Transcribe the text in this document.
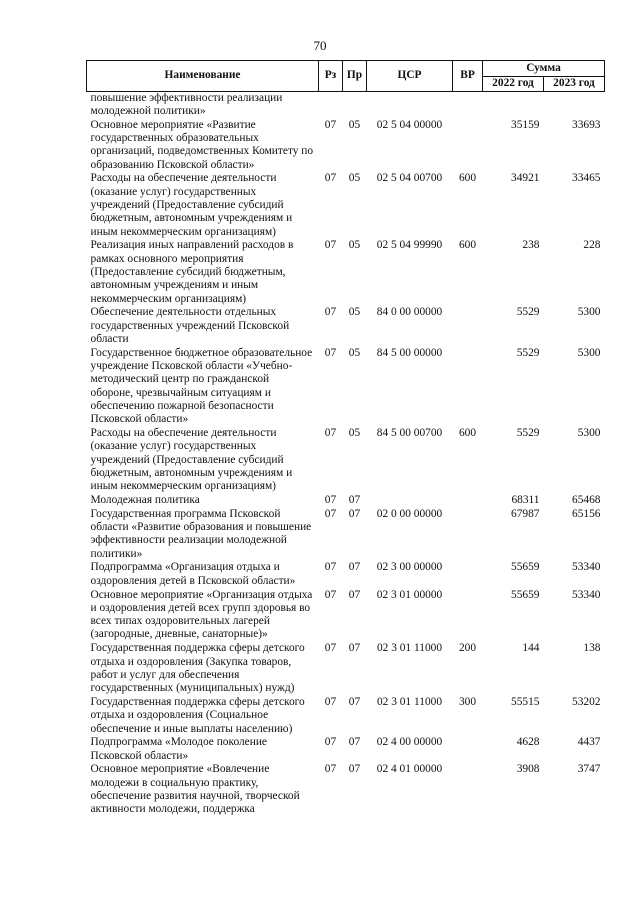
70
Наименование	Рз	Пр	ЦСР	ВР	Сумма	
					2022 год	2023 год
повышение эффективности реализации молодежной политики»						
Основное мероприятие «Развитие государственных образовательных организаций, подведомственных Комитету по образованию Псковской области»	07	05	02 5 04 00000		35159	33693
Расходы на обеспечение деятельности (оказание услуг) государственных учреждений (Предоставление субсидий бюджетным, автономным учреждениям и иным некоммерческим организациям)	07	05	02 5 04 00700	600	34921	33465
Реализация иных направлений расходов в рамках основного мероприятия (Предоставление субсидий бюджетным, автономным учреждениям и иным некоммерческим организациям)	07	05	02 5 04 99990	600	238	228
Обеспечение деятельности отдельных государственных учреждений Псковской области	07	05	84 0 00 00000		5529	5300
Государственное бюджетное образовательное учреждение Псковской области «Учебно-методический центр по гражданской обороне, чрезвычайным ситуациям и обеспечению пожарной безопасности Псковской области»	07	05	84 5 00 00000		5529	5300
Расходы на обеспечение деятельности (оказание услуг) государственных учреждений (Предоставление субсидий бюджетным, автономным учреждениям и иным некоммерческим организациям)	07	05	84 5 00 00700	600	5529	5300
Молодежная политика	07	07			68311	65468
Государственная программа Псковской области «Развитие образования и повышение эффективности реализации молодежной политики»	07	07	02 0 00 00000		67987	65156
Подпрограмма «Организация отдыха и оздоровления детей в Псковской области»	07	07	02 3 00 00000		55659	53340
Основное мероприятие «Организация отдыха и оздоровления детей всех групп здоровья во всех типах оздоровительных лагерей (загородные, дневные, санаторные)»	07	07	02 3 01 00000		55659	53340
Государственная поддержка сферы детского отдыха и оздоровления (Закупка товаров, работ и услуг для обеспечения государственных (муниципальных) нужд)	07	07	02 3 01 11000	200	144	138
Государственная поддержка сферы детского отдыха и оздоровления (Социальное обеспечение и иные выплаты населению)	07	07	02 3 01 11000	300	55515	53202
Подпрограмма «Молодое поколение Псковской области»	07	07	02 4 00 00000		4628	4437
Основное мероприятие «Вовлечение молодежи в социальную практику, обеспечение развития научной, творческой активности молодежи, поддержка	07	07	02 4 01 00000		3908	3747
